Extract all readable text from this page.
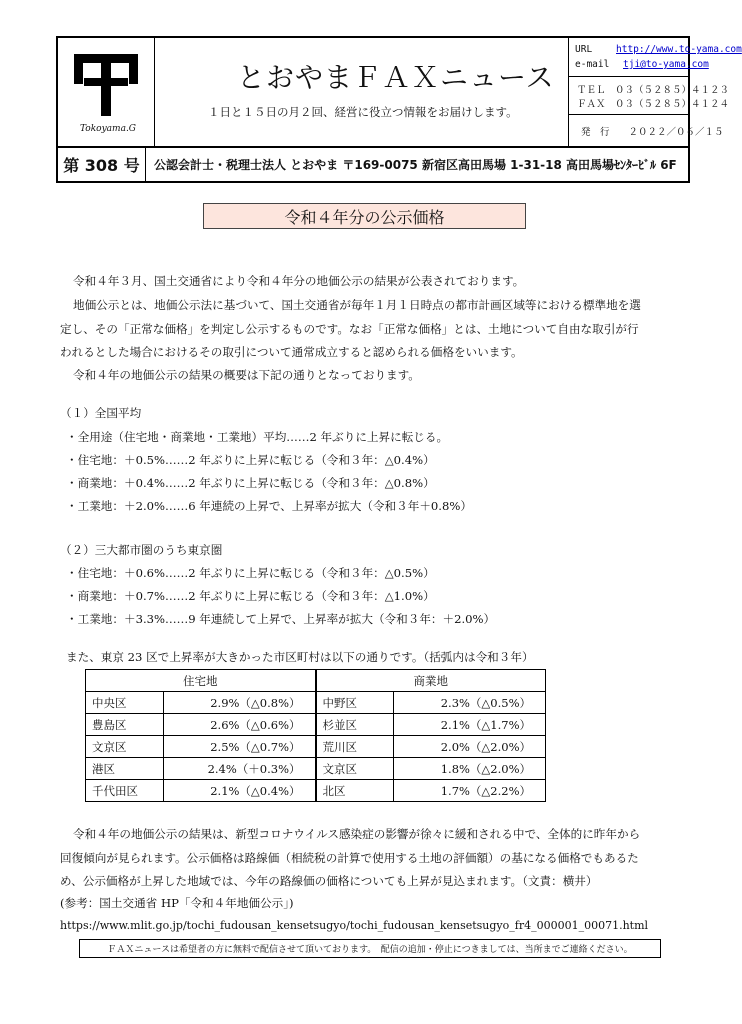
Tokoyama.G
とおやまＦＡＸニュース
１日と１５日の月２回、経営に役立つ情報をお届けします。
URL	http://www.to-yama.com
e-mail tji@to-yama.com
ＴＥＬ　０３（５２８５）４１２３
ＦＡＸ　０３（５２８５）４１２４
発　行　　２０２２／０６／１５
第 308 号	公認会計士・税理士法人 とおやま 〒169-0075 新宿区高田馬場 1-31-18 高田馬場ｾﾝﾀｰﾋﾞﾙ 6F
令和４年分の公示価格
令和４年３月、国土交通省により令和４年分の地価公示の結果が公表されております。
地価公示とは、地価公示法に基づいて、国土交通省が毎年１月１日時点の都市計画区域等における標準地を選
定し、その「正常な価格」を判定し公示するものです。なお「正常な価格」とは、土地について自由な取引が行
われるとした場合におけるその取引について通常成立すると認められる価格をいいます。
令和４年の地価公示の結果の概要は下記の通りとなっております。
（１）全国平均
・全用途（住宅地・商業地・工業地）平均……2 年ぶりに上昇に転じる。
・住宅地：＋0.5%……2 年ぶりに上昇に転じる（令和３年：△0.4%）
・商業地：＋0.4%……2 年ぶりに上昇に転じる（令和３年：△0.8%）
・工業地：＋2.0%……6 年連続の上昇で、上昇率が拡大（令和３年＋0.8%）
（２）三大都市圏のうち東京圏
・住宅地：＋0.6%……2 年ぶりに上昇に転じる（令和３年：△0.5%）
・商業地：＋0.7%……2 年ぶりに上昇に転じる（令和３年：△1.0%）
・工業地：＋3.3%……9 年連続して上昇で、上昇率が拡大（令和３年：＋2.0%）
また、東京 23 区で上昇率が大きかった市区町村は以下の通りです。（括弧内は令和３年）
住宅地		商業地	
中央区	2.9%（△0.8%）	中野区	2.3%（△0.5%）
豊島区	2.6%（△0.6%）	杉並区	2.1%（△1.7%）
文京区	2.5%（△0.7%）	荒川区	2.0%（△2.0%）
港区	2.4%（＋0.3%）	文京区	1.8%（△2.0%）
千代田区	2.1%（△0.4%）	北区	1.7%（△2.2%）
令和４年の地価公示の結果は、新型コロナウイルス感染症の影響が徐々に緩和される中で、全体的に昨年から
回復傾向が見られます。公示価格は路線価（相続税の計算で使用する土地の評価額）の基になる価格でもあるた
め、公示価格が上昇した地域では、今年の路線価の価格についても上昇が見込まれます。（文責：横井）
(参考：国土交通省 HP「令和４年地価公示」)
https://www.mlit.go.jp/tochi_fudousan_kensetsugyo/tochi_fudousan_kensetsugyo_fr4_000001_00071.html
ＦＡＸニュースは希望者の方に無料で配信させて頂いております。　配信の追加・停止につきましては、当所までご連絡ください。
